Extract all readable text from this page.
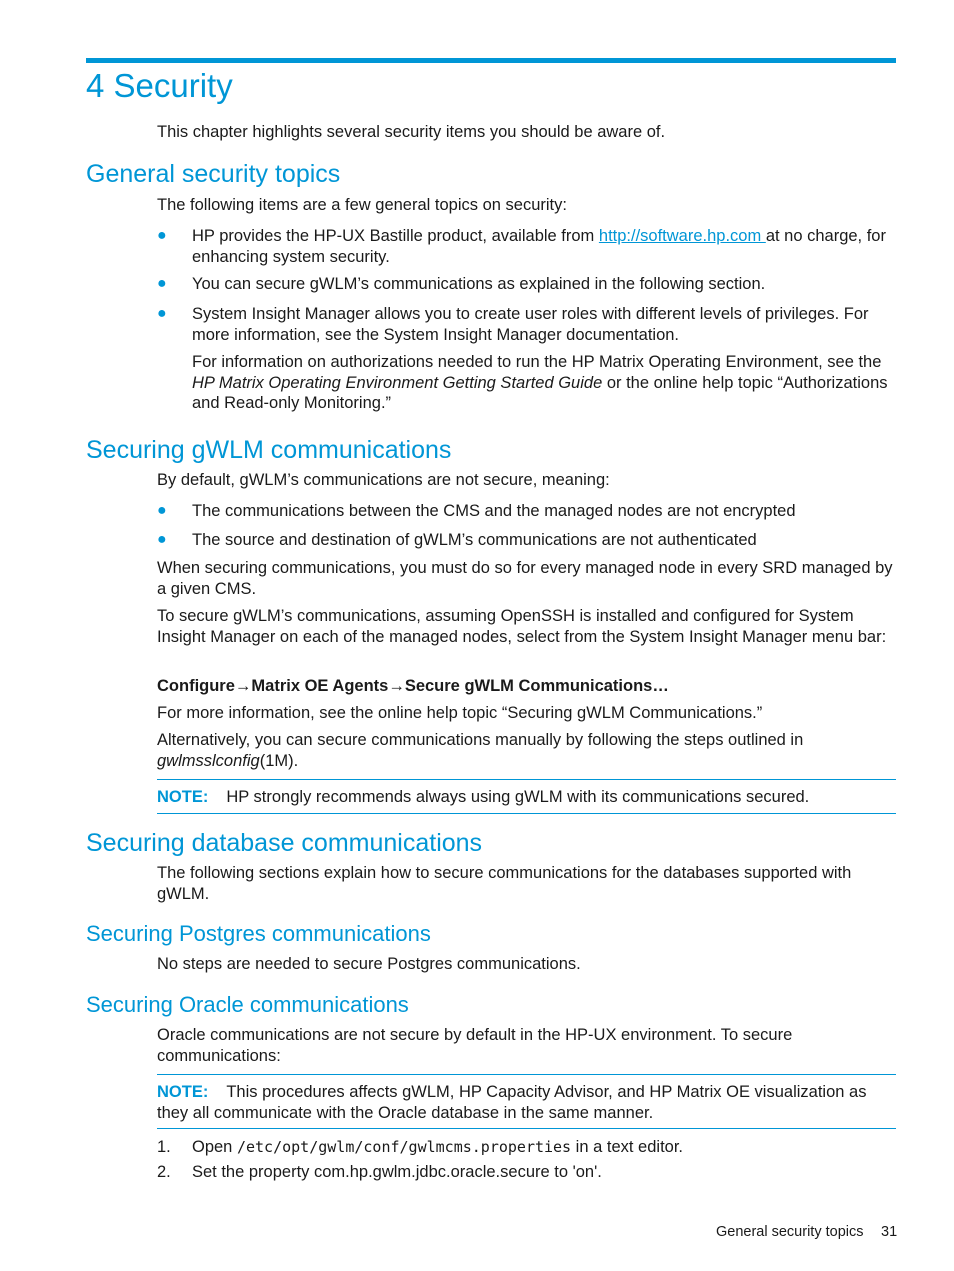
4 Security

This chapter highlights several security items you should be aware of.

General security topics

The following items are a few general topics on security:

● HP provides the HP-UX Bastille product, available from http://software.hp.com at no charge, for enhancing system security.
● You can secure gWLM’s communications as explained in the following section.
● System Insight Manager allows you to create user roles with different levels of privileges. For more information, see the System Insight Manager documentation.
For information on authorizations needed to run the HP Matrix Operating Environment, see the HP Matrix Operating Environment Getting Started Guide or the online help topic “Authorizations and Read-only Monitoring.”
Securing gWLM communications

By default, gWLM’s communications are not secure, meaning:

● The communications between the CMS and the managed nodes are not encrypted
● The source and destination of gWLM’s communications are not authenticated

When securing communications, you must do so for every managed node in every SRD managed by a given CMS.

To secure gWLM’s communications, assuming OpenSSH is installed and configured for System Insight Manager on each of the managed nodes, select from the System Insight Manager menu bar:

Configure→Matrix OE Agents→Secure gWLM Communications…

For more information, see the online help topic “Securing gWLM Communications.”

Alternatively, you can secure communications manually by following the steps outlined in gwlmsslconfig(1M).

NOTE: HP strongly recommends always using gWLM with its communications secured.
Securing database communications

The following sections explain how to secure communications for the databases supported with gWLM.

Securing Postgres communications

No steps are needed to secure Postgres communications.

Securing Oracle communications

Oracle communications are not secure by default in the HP-UX environment. To secure communications:

NOTE: This procedures affects gWLM, HP Capacity Advisor, and HP Matrix OE visualization as they all communicate with the Oracle database in the same manner.
1. Open /etc/opt/gwlm/conf/gwlmcms.properties in a text editor.
2. Set the property com.hp.gwlm.jdbc.oracle.secure to 'on'.
General security topics 31
